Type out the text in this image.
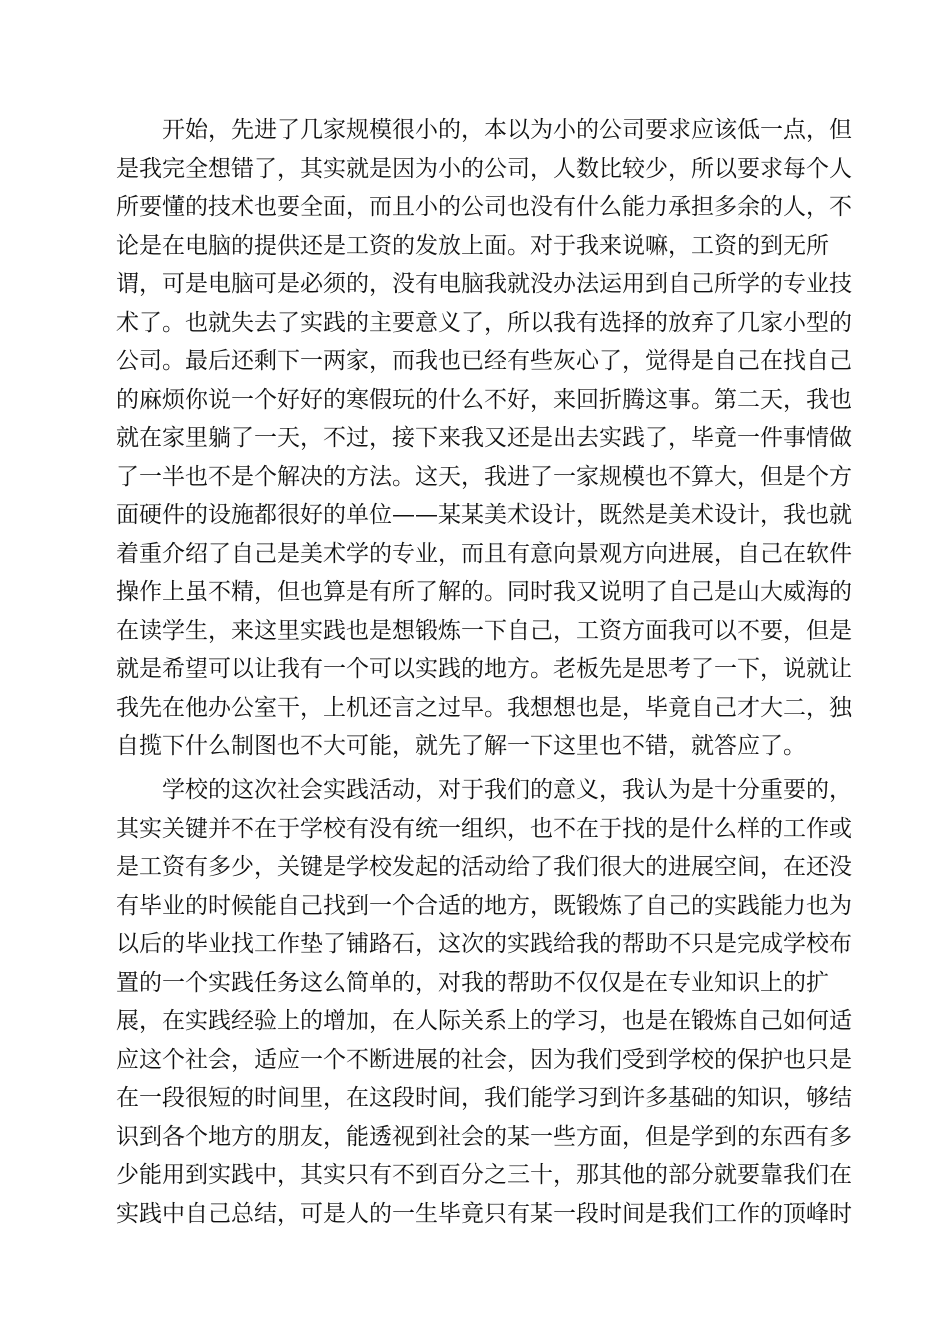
开始，先进了几家规模很小的，本以为小的公司要求应该低一点，但
是我完全想错了，其实就是因为小的公司，人数比较少，所以要求每个人
所要懂的技术也要全面，而且小的公司也没有什么能力承担多余的人，不
论是在电脑的提供还是工资的发放上面。对于我来说嘛，工资的到无所
谓，可是电脑可是必须的，没有电脑我就没办法运用到自己所学的专业技
术了。也就失去了实践的主要意义了，所以我有选择的放弃了几家小型的
公司。最后还剩下一两家，而我也已经有些灰心了，觉得是自己在找自己
的麻烦你说一个好好的寒假玩的什么不好，来回折腾这事。第二天，我也
就在家里躺了一天，不过，接下来我又还是出去实践了，毕竟一件事情做
了一半也不是个解决的方法。这天，我进了一家规模也不算大，但是个方
面硬件的设施都很好的单位——某某美术设计，既然是美术设计，我也就
着重介绍了自己是美术学的专业，而且有意向景观方向进展，自己在软件
操作上虽不精，但也算是有所了解的。同时我又说明了自己是山大威海的
在读学生，来这里实践也是想锻炼一下自己，工资方面我可以不要，但是
就是希望可以让我有一个可以实践的地方。老板先是思考了一下，说就让
我先在他办公室干，上机还言之过早。我想想也是，毕竟自己才大二，独
自揽下什么制图也不大可能，就先了解一下这里也不错，就答应了。
学校的这次社会实践活动，对于我们的意义，我认为是十分重要的，
其实关键并不在于学校有没有统一组织，也不在于找的是什么样的工作或
是工资有多少，关键是学校发起的活动给了我们很大的进展空间，在还没
有毕业的时候能自己找到一个合适的地方，既锻炼了自己的实践能力也为
以后的毕业找工作垫了铺路石，这次的实践给我的帮助不只是完成学校布
置的一个实践任务这么简单的，对我的帮助不仅仅是在专业知识上的扩
展，在实践经验上的增加，在人际关系上的学习，也是在锻炼自己如何适
应这个社会，适应一个不断进展的社会，因为我们受到学校的保护也只是
在一段很短的时间里，在这段时间，我们能学习到许多基础的知识，够结
识到各个地方的朋友，能透视到社会的某一些方面，但是学到的东西有多
少能用到实践中，其实只有不到百分之三十，那其他的部分就要靠我们在
实践中自己总结，可是人的一生毕竟只有某一段时间是我们工作的顶峰时
